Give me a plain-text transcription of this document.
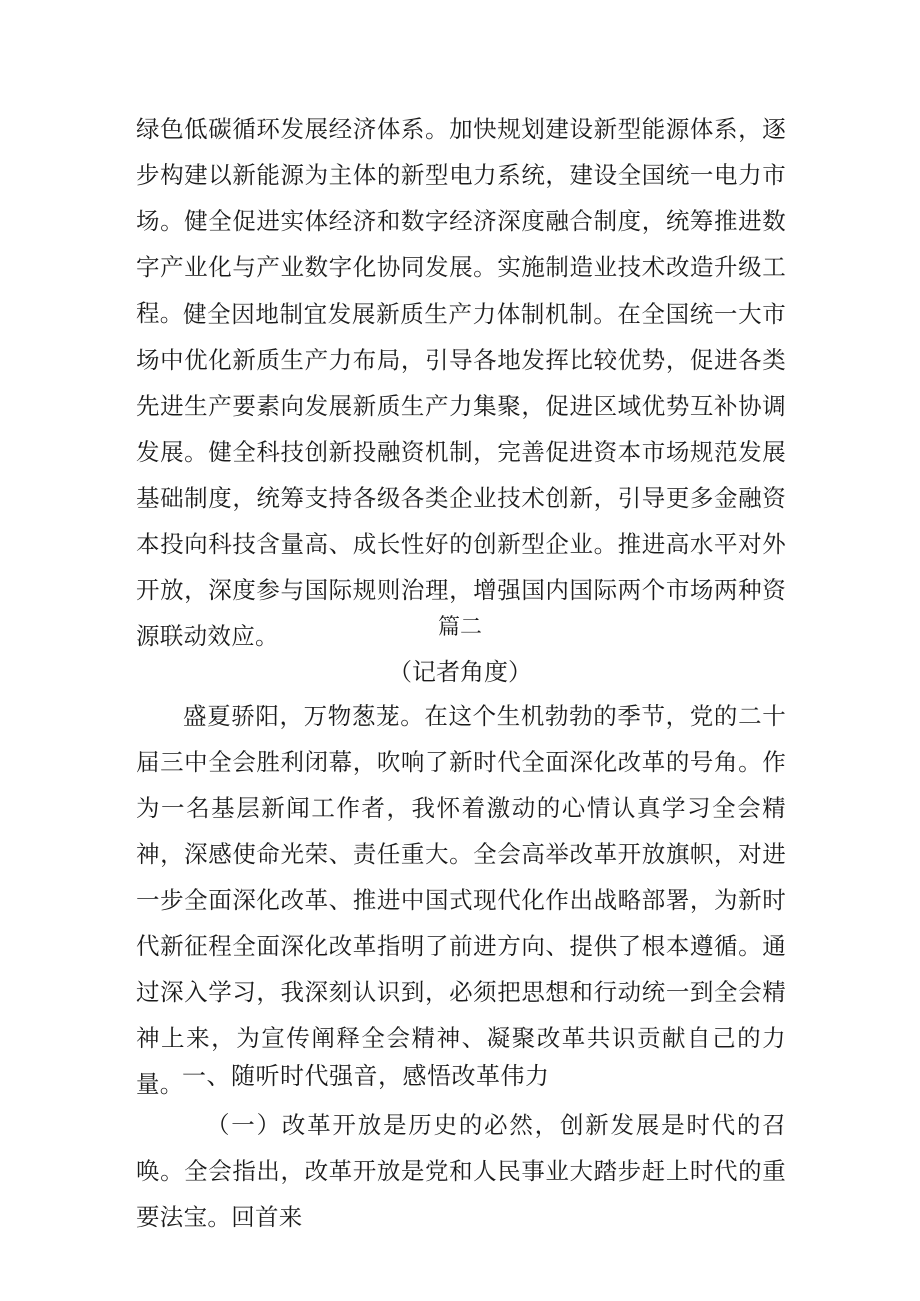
绿色低碳循环发展经济体系。加快规划建设新型能源体系，逐步构建以新能源为主体的新型电力系统，建设全国统一电力市场。健全促进实体经济和数字经济深度融合制度，统筹推进数字产业化与产业数字化协同发展。实施制造业技术改造升级工程。 健全因地制宜发展新质生产力体制机制。在全国统一大市场中优化新质生产力布局，引导各地发挥比较优势，促进各类先进生产要素向发展新质生产力集聚，促进区域优势互补协调发展。健全科技创新投融资机制，完善促进资本市场规范发展基础制度，统筹支持各级各类企业技术创新，引导更多金融资本投向科技含量高、成长性好的创新型企业。推进高水平对外开放，深度参与国际规则治理，增强国内国际两个市场两种资源联动效应。	篇二
（记者角度）

盛夏骄阳，万物葱茏。在这个生机勃勃的季节，党的二十届三中全会胜利闭幕，吹响了新时代全面深化改革的号角。作为一名基层新闻工作者，我怀着激动的心情认真学习全会精神，深感使命光荣、责任重大。全会高举改革开放旗帜，对进一步全面深化改革、推进中国式现代化作出战略部署，为新时代新征程全面深化改革指明了前进方向、提供了根本遵循。通过深入学习，我深刻认识到，必须把思想和行动统一到全会精神上来，为宣传阐释全会精神、凝聚改革共识贡献自己的力量。

一、随听时代强音，感悟改革伟力

（一）改革开放是历史的必然，创新发展是时代的召唤。全会指出，改革开放是党和人民事业大踏步赶上时代的重要法宝。回首来
